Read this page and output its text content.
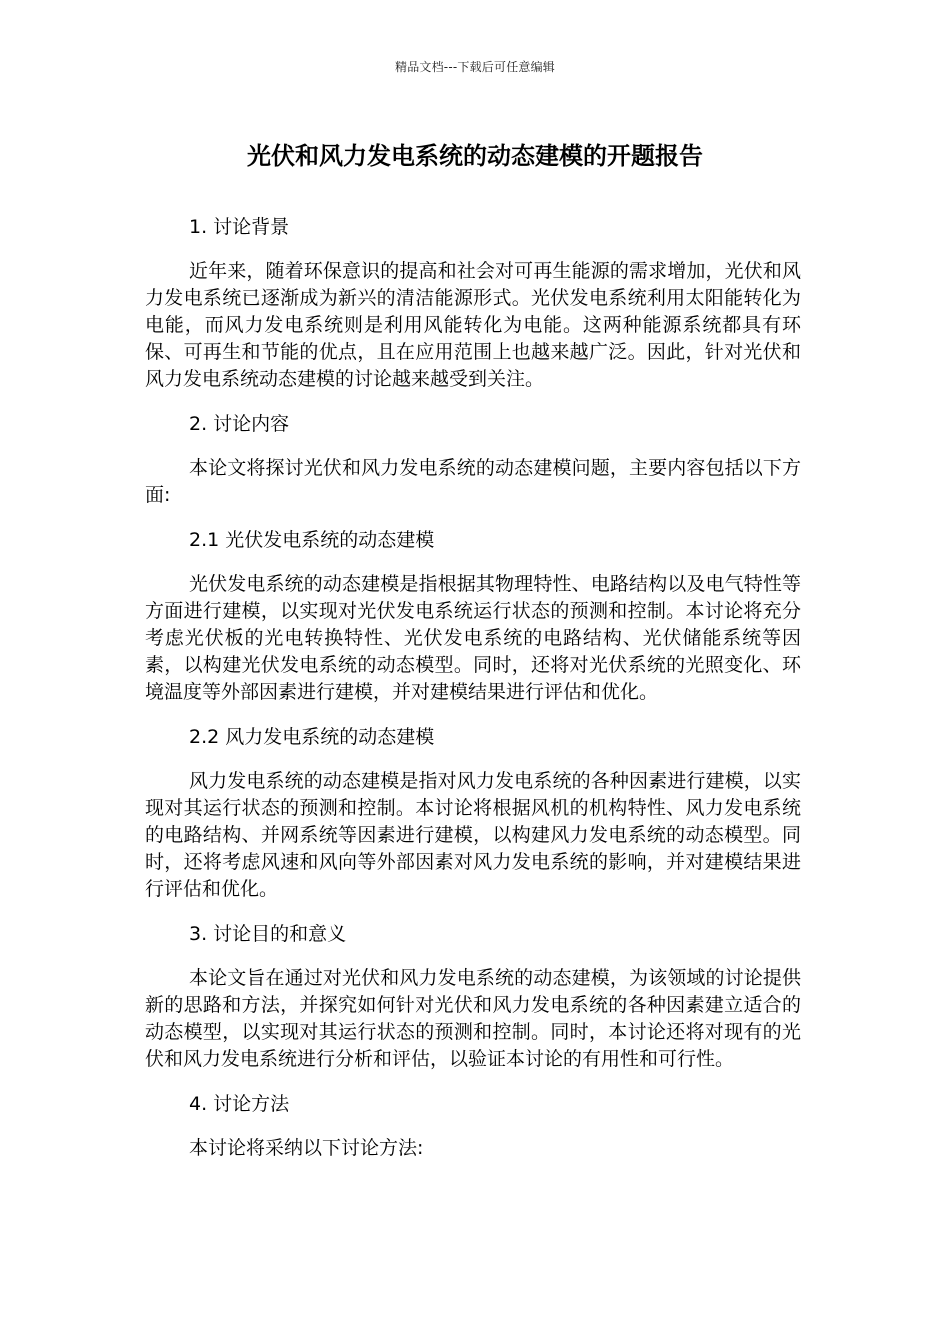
精品文档---下载后可任意编辑
光伏和风力发电系统的动态建模的开题报告

1. 讨论背景

近年来，随着环保意识的提高和社会对可再生能源的需求增加，光伏和风力发电系统已逐渐成为新兴的清洁能源形式。光伏发电系统利用太阳能转化为电能，而风力发电系统则是利用风能转化为电能。这两种能源系统都具有环保、可再生和节能的优点，且在应用范围上也越来越广泛。因此，针对光伏和风力发电系统动态建模的讨论越来越受到关注。

2. 讨论内容

本论文将探讨光伏和风力发电系统的动态建模问题，主要内容包括以下方面:

2.1 光伏发电系统的动态建模

光伏发电系统的动态建模是指根据其物理特性、电路结构以及电气特性等方面进行建模，以实现对光伏发电系统运行状态的预测和控制。本讨论将充分考虑光伏板的光电转换特性、光伏发电系统的电路结构、光伏储能系统等因素，以构建光伏发电系统的动态模型。同时，还将对光伏系统的光照变化、环境温度等外部因素进行建模，并对建模结果进行评估和优化。

2.2 风力发电系统的动态建模

风力发电系统的动态建模是指对风力发电系统的各种因素进行建模，以实现对其运行状态的预测和控制。本讨论将根据风机的机构特性、风力发电系统的电路结构、并网系统等因素进行建模，以构建风力发电系统的动态模型。同时，还将考虑风速和风向等外部因素对风力发电系统的影响，并对建模结果进行评估和优化。

3. 讨论目的和意义

本论文旨在通过对光伏和风力发电系统的动态建模，为该领域的讨论提供新的思路和方法，并探究如何针对光伏和风力发电系统的各种因素建立适合的动态模型，以实现对其运行状态的预测和控制。同时，本讨论还将对现有的光伏和风力发电系统进行分析和评估，以验证本讨论的有用性和可行性。

4. 讨论方法

本讨论将采纳以下讨论方法:
